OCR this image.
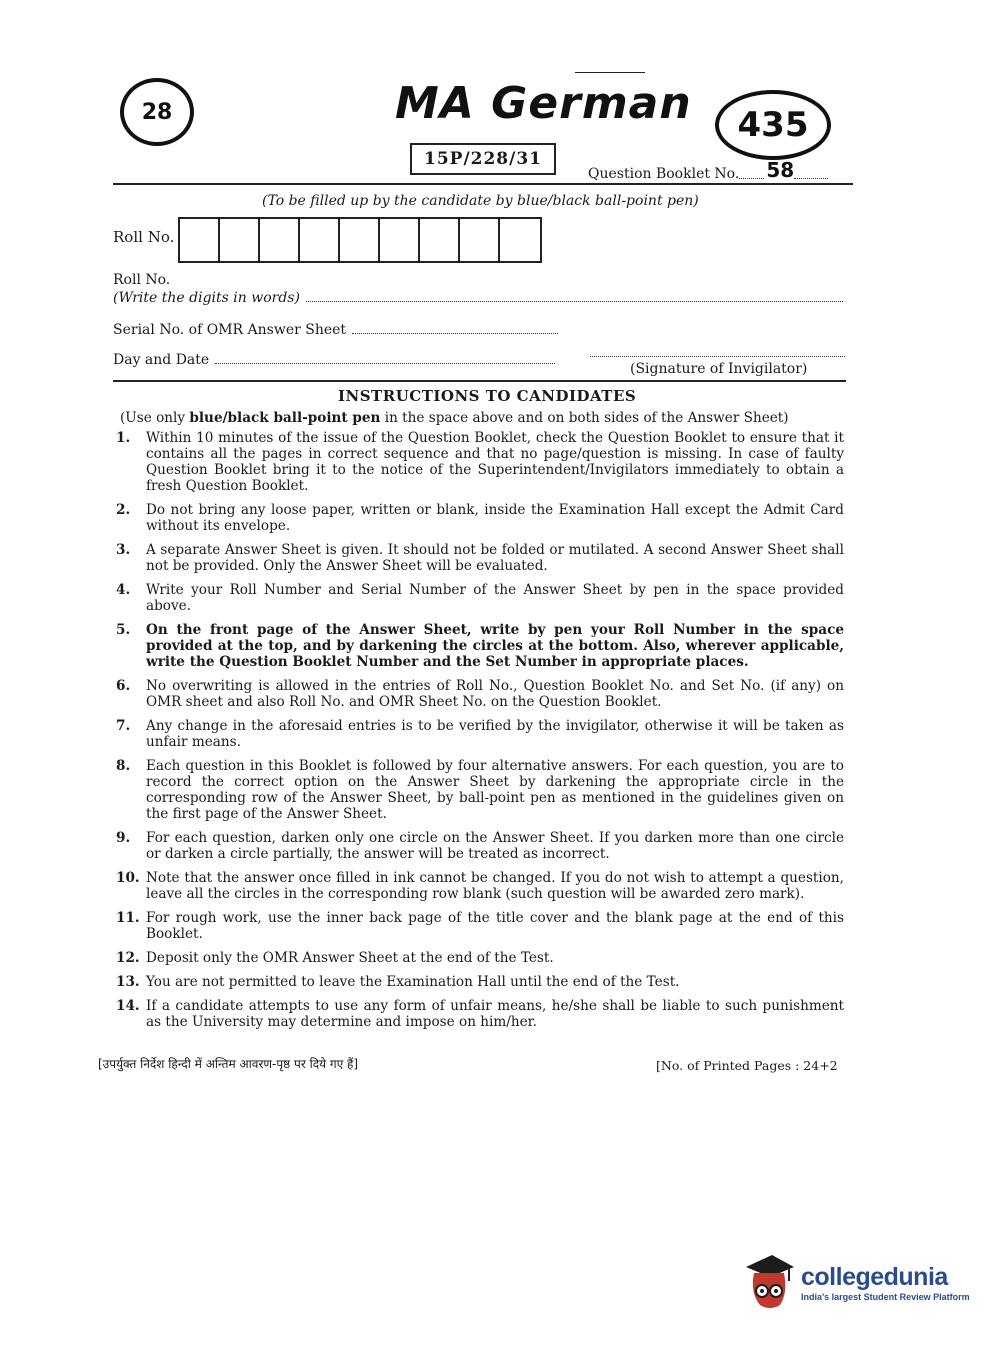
28	MA German 435
15P/228/31
Question Booklet No. 58
(To be filled up by the candidate by blue/black ball-point pen)
Roll No.
Roll No.
(Write the digits in words)
Serial No. of OMR Answer Sheet
Day and Date
(Signature of Invigilator)
INSTRUCTIONS TO CANDIDATES
(Use only blue/black ball-point pen in the space above and on both sides of the Answer Sheet)
1.	Within 10 minutes of the issue of the Question Booklet, check the Question Booklet to ensure that it contains all the pages in correct sequence and that no page/question is missing. In case of faulty Question Booklet bring it to the notice of the Superintendent/Invigilators immediately to obtain a fresh Question Booklet.
2.	Do not bring any loose paper, written or blank, inside the Examination Hall except the Admit Card without its envelope.
3.	A separate Answer Sheet is given. It should not be folded or mutilated. A second Answer Sheet shall not be provided. Only the Answer Sheet will be evaluated.
4.	Write your Roll Number and Serial Number of the Answer Sheet by pen in the space provided above.
5.	On the front page of the Answer Sheet, write by pen your Roll Number in the space provided at the top, and by darkening the circles at the bottom. Also, wherever applicable, write the Question Booklet Number and the Set Number in appropriate places.
6.	No overwriting is allowed in the entries of Roll No., Question Booklet No. and Set No. (if any) on OMR sheet and also Roll No. and OMR Sheet No. on the Question Booklet.
7.	Any change in the aforesaid entries is to be verified by the invigilator, otherwise it will be taken as unfair means.
8.	Each question in this Booklet is followed by four alternative answers. For each question, you are to record the correct option on the Answer Sheet by darkening the appropriate circle in the corresponding row of the Answer Sheet, by ball-point pen as mentioned in the guidelines given on the first page of the Answer Sheet.
9.	For each question, darken only one circle on the Answer Sheet. If you darken more than one circle or darken a circle partially, the answer will be treated as incorrect.
10. Note that the answer once filled in ink cannot be changed. If you do not wish to attempt a question, leave all the circles in the corresponding row blank (such question will be awarded zero mark).
11. For rough work, use the inner back page of the title cover and the blank page at the end of this Booklet.
12. Deposit only the OMR Answer Sheet at the end of the Test.
13. You are not permitted to leave the Examination Hall until the end of the Test.
14. If a candidate attempts to use any form of unfair means, he/she shall be liable to such punishment as the University may determine and impose on him/her.
[उपर्युक्त निर्देश हिन्दी में अन्तिम आवरण-पृष्ठ पर दिये गए हैं]	[No. of Printed Pages : 24+2
collegedunia
India's largest Student Review Platform
